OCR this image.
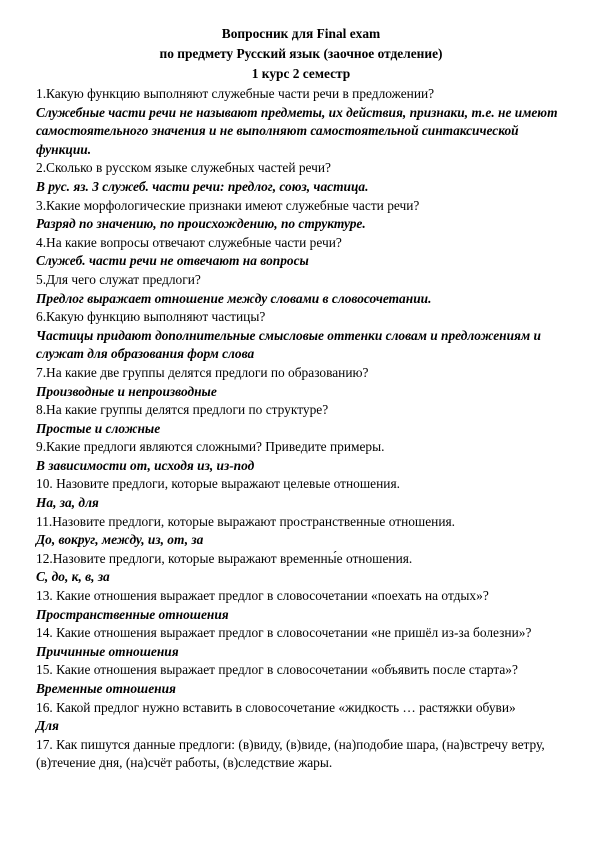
Вопросник для Final exam
по предмету Русский язык (заочное отделение)
1 курс 2 семестр
1.Какую функцию выполняют служебные части речи в предложении?
Служебные части речи не называют предметы, их действия, признаки, т.е. не имеют самостоятельного значения и не выполняют самостоятельной синтаксической функции.
2.Сколько в русском языке служебных частей речи?
В рус. яз. 3 служеб. части речи: предлог, союз, частица.
3.Какие морфологические признаки имеют служебные части речи?
Разряд по значению, по происхождению, по структуре.
4.На какие вопросы отвечают служебные части речи?
Служеб. части речи не отвечают на вопросы
5.Для чего служат предлоги?
Предлог выражает отношение между словами в словосочетании.
6.Какую функцию выполняют частицы?
Частицы придают дополнительные смысловые оттенки словам и предложениям и служат для образования форм слова
7.На какие две группы делятся предлоги по образованию?
Производные и непроизводные
8.На какие группы делятся предлоги по структуре?
Простые и сложные
9.Какие предлоги являются сложными? Приведите примеры.
В зависимости от, исходя из, из-под
10. Назовите предлоги, которые выражают целевые отношения.
На, за, для
11.Назовите предлоги, которые выражают пространственные отношения.
До, вокруг, между, из, от, за
12.Назовите предлоги, которые выражают временны́е отношения.
С, до, к, в, за
13. Какие отношения выражает предлог в словосочетании «поехать на отдых»?
Пространственные отношения
14. Какие отношения выражает предлог в словосочетании «не пришёл из-за болезни»?
Причинные отношения
15. Какие отношения выражает предлог в словосочетании «объявить после старта»?
Временные отношения
16. Какой предлог нужно вставить в словосочетание «жидкость … растяжки обуви»
Для
17. Как пишутся данные предлоги: (в)виду, (в)виде, (на)подобие шара, (на)встречу ветру, (в)течение дня, (на)счёт работы, (в)следствие жары.
